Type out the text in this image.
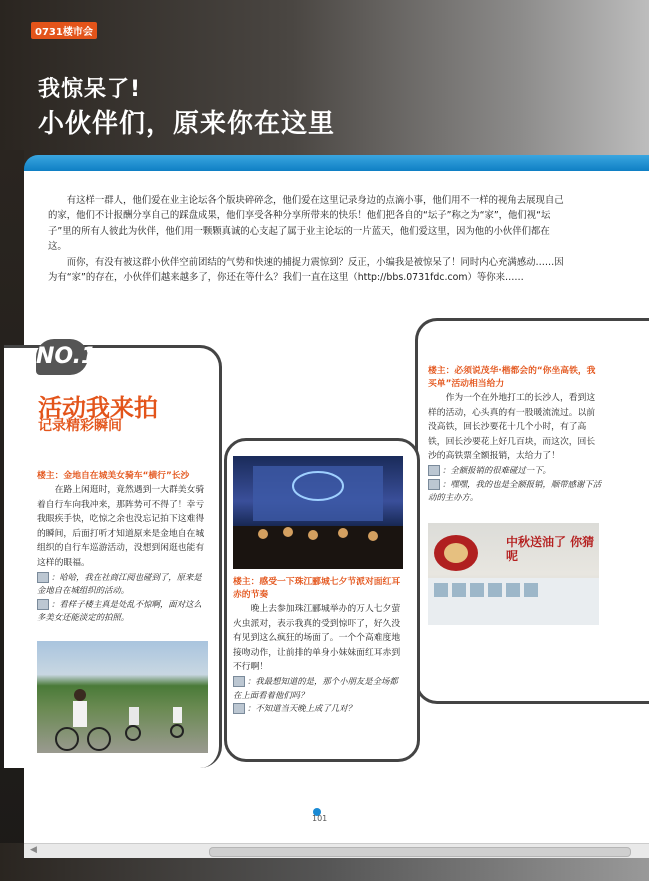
0731楼市会
我惊呆了!
小伙伴们，原来你在这里

有这样一群人，他们爱在业主论坛各个版块碎碎念，他们爱在这里记录身边的点滴小事，他们用不一样的视角去展现自己的家，他们不计报酬分享自己的踩盘成果，他们享受各种分享所带来的快乐！他们把各自的“坛子”称之为“家”，他们视“坛子”里的所有人彼此为伙伴，他们用一颗颗真诚的心支起了属于业主论坛的一片蓝天，他们爱这里，因为他的小伙伴们都在这。

而你，有没有被这群小伙伴空前团结的气势和快速的捕捉力震惊到？反正，小编我是被惊呆了！同时内心充满感动……因为有“家”的存在，小伙伴们越来越多了，你还在等什么？我们一直在这里（http://bbs.0731fdc.com）等你来……

NO.1
活动我来拍
记录精彩瞬间
楼主：金地自在城美女骑车“横行”长沙

在路上闲逛时，竟然遇到一大群美女骑着自行车向我冲来，那阵势可不得了！幸亏我眼疾手快，吃惊之余也没忘记拍下这难得的瞬间，后面打听才知道原来是金地自在城组织的自行车巡游活动，没想到闲逛也能有这样的眼福。

：哈哈，我在社商江阅也碰到了，原来是金地自在城组织的活动。
：看样子楼主真是处乱不惊啊，面对这么多美女还能淡定的拍照。
楼主：感受一下珠江郦城七夕节派对面红耳赤的节奏

晚上去参加珠江郦城举办的万人七夕萤火虫派对，表示我真的受到惊吓了，好久没有见到这么疯狂的场面了。一个个高难度地接吻动作，让前排的单身小妹妹面红耳赤到不行啊！

：我最想知道的是，那个小朋友是全场都在上面看着他们吗？
：不知道当天晚上成了几对？
楼主：必须说茂华·楷都会的“你坐高铁，我买单”活动相当给力

作为一个在外地打工的长沙人，看到这样的活动，心头真的有一股暖流流过。以前没高铁，回长沙要花十几个小时，有了高铁，回长沙要花上好几百块，而这次，回长沙的高铁票全额报销，太给力了！

：全额报销的很难碰过一下。
：嘿嘿，我的也是全额报销，顺带感谢下活动的主办方。
中秋送油了 你猜呢
101
◀
